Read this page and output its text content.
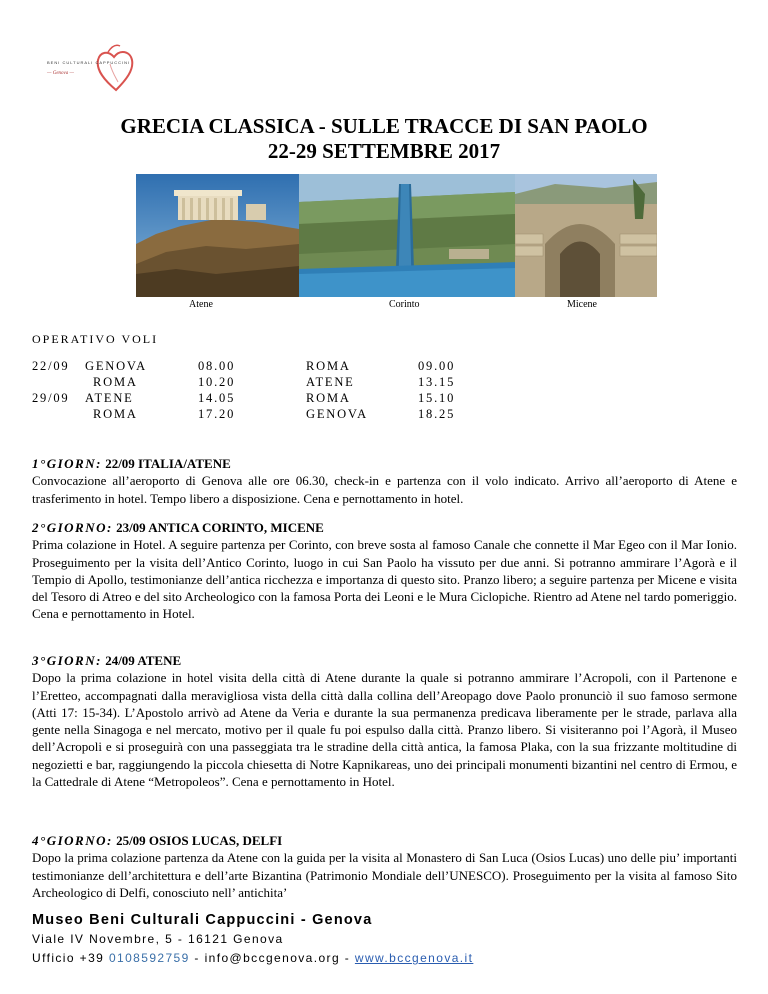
BENI CULTURALI CAPPUCCINI
— Genova —
GRECIA CLASSICA - SULLE TRACCE DI SAN PAOLO
22-29 SETTEMBRE 2017
Atene	Corinto	Micene
OPERATIVO VOLI
22/09 GENOVA	08.00	ROMA	09.00
ROMA	10.20	ATENE	13.15
29/09 ATENE	14.05	ROMA	15.10
ROMA	17.20	GENOVA	18.25
1°GIORN: 22/09 ITALIA/ATENE

Convocazione all’aeroporto di Genova alle ore 06.30, check-in e partenza con il volo indicato. Arrivo all’aeroporto di Atene e trasferimento in hotel. Tempo libero a disposizione. Cena e pernottamento in hotel.

2°GIORNO: 23/09 ANTICA CORINTO, MICENE

Prima colazione in Hotel. A seguire partenza per Corinto, con breve sosta al famoso Canale che connette il Mar Egeo con il Mar Ionio. Proseguimento per la visita dell’Antico Corinto, luogo in cui San Paolo ha vissuto per due anni. Si potranno ammirare l’Agorà e il Tempio di Apollo, testimonianze dell’antica ricchezza e importanza di questo sito. Pranzo libero; a seguire partenza per Micene e visita del Tesoro di Atreo e del sito Archeologico con la famosa Porta dei Leoni e le Mura Ciclopiche. Rientro ad Atene nel tardo pomeriggio. Cena e pernottamento in Hotel.

3°GIORN: 24/09 ATENE

Dopo la prima colazione in hotel visita della città di Atene durante la quale si potranno ammirare l’Acropoli, con il Partenone e l’Eretteo, accompagnati dalla meravigliosa vista della città dalla collina dell’Areopago dove Paolo pronunciò il suo famoso sermone (Atti 17: 15-34). L’Apostolo arrivò ad Atene da Veria e durante la sua permanenza predicava liberamente per le strade, parlava alla gente nella Sinagoga e nel mercato, motivo per il quale fu poi espulso dalla città. Pranzo libero. Si visiteranno poi l’Agorà, il Museo dell’Acropoli e si proseguirà con una passeggiata tra le stradine della città antica, la famosa Plaka, con la sua frizzante moltitudine di negozietti e bar, raggiungendo la piccola chiesetta di Notre Kapnikareas, uno dei principali monumenti bizantini nel centro di Ermou, e la Cattedrale di Atene “Metropoleos”. Cena e pernottamento in Hotel.

4°GIORNO: 25/09 OSIOS LUCAS, DELFI

Dopo la prima colazione partenza da Atene con la guida per la visita al Monastero di San Luca (Osios Lucas) uno delle piu’ importanti testimonianze dell’architettura e dell’arte Bizantina (Patrimonio Mondiale dell’UNESCO). Proseguimento per la visita al famoso Sito Archeologico di Delfi, conosciuto nell’ antichita’

Museo Beni Culturali Cappuccini - Genova
Viale IV Novembre, 5 - 16121 Genova
Ufficio +39 0108592759 - info@bccgenova.org - www.bccgenova.it
